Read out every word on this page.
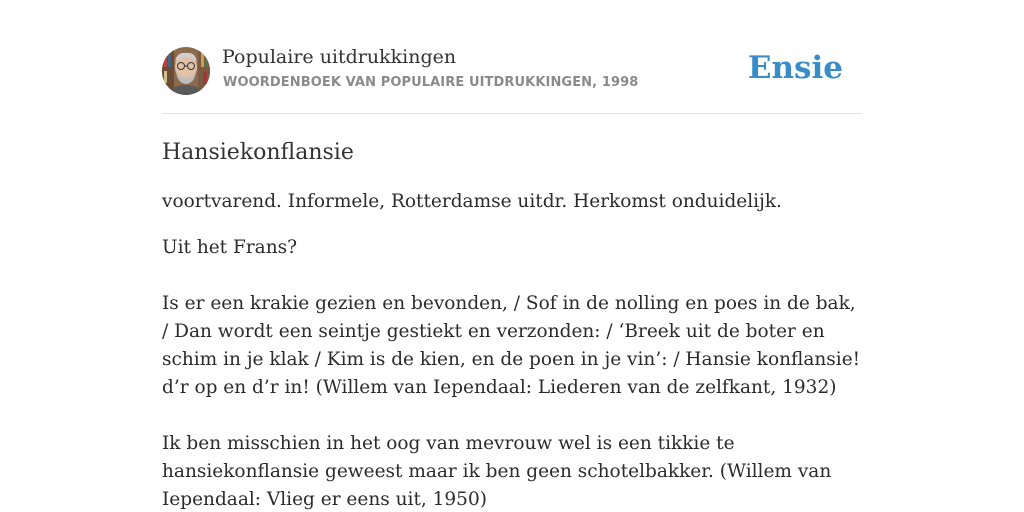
Populaire uitdrukkingen
WOORDENBOEK VAN POPULAIRE UITDRUKKINGEN, 1998	Ensie
Hansiekonflansie

voortvarend. Informele, Rotterdamse uitdr. Herkomst onduidelijk.

Uit het Frans?

Is er een krakie gezien en bevonden, / Sof in de nolling en poes in de bak, / Dan wordt een seintje gestiekt en verzonden: / ‘Breek uit de boter en schim in je klak / Kim is de kien, en de poen in je vin’: / Hansie konflansie! d’r op en d’r in! (Willem van Iependaal: Liederen van de zelfkant, 1932)

Ik ben misschien in het oog van mevrouw wel is een tikkie te hansiekonflansie geweest maar ik ben geen schotelbakker. (Willem van Iependaal: Vlieg er eens uit, 1950)
